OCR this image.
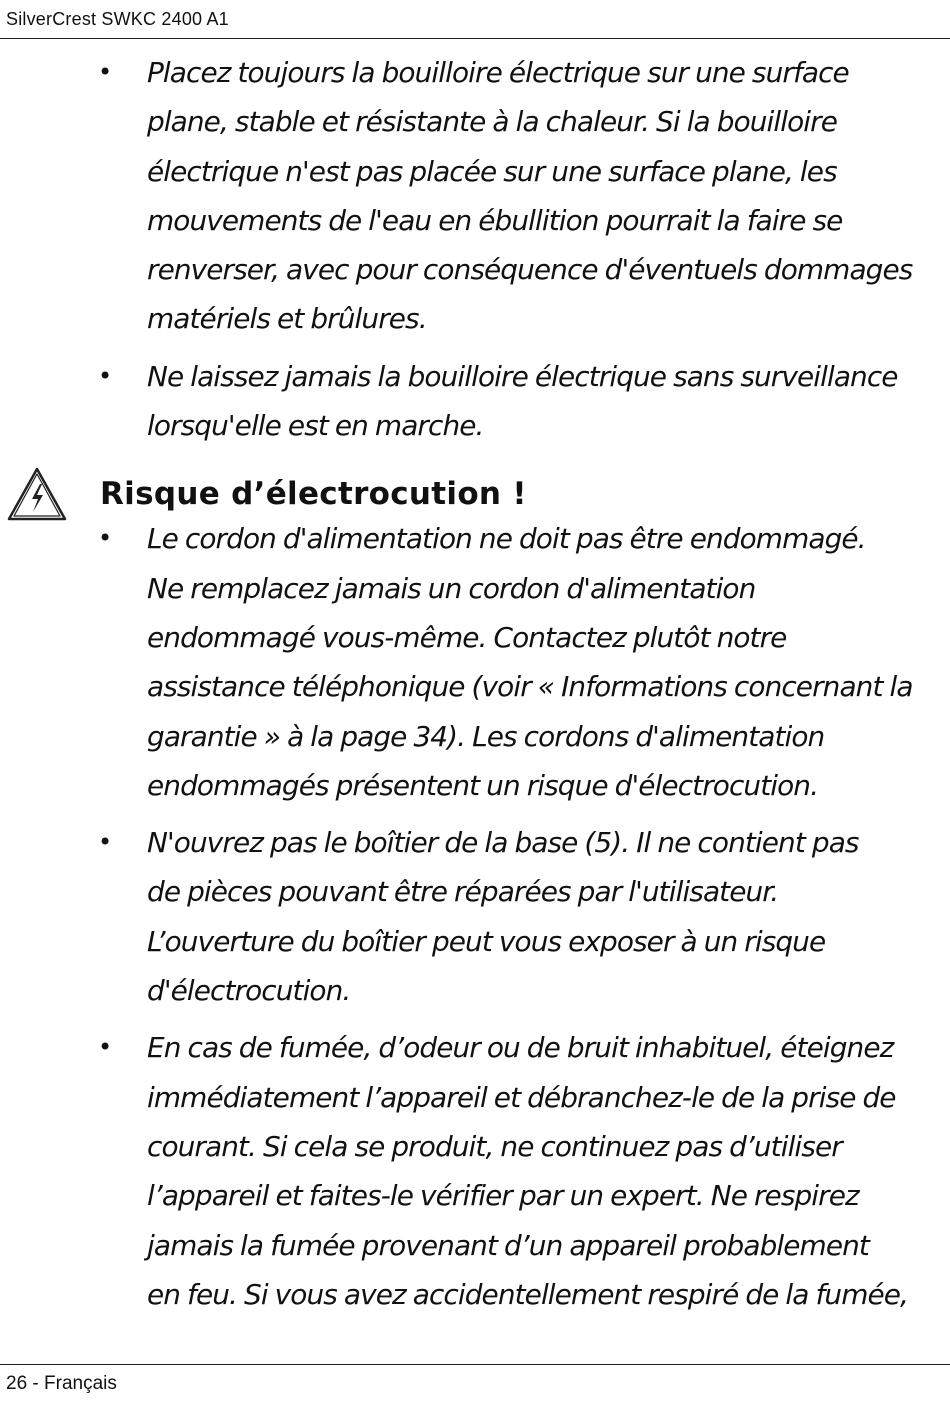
SilverCrest SWKC 2400 A1
• Placez toujours la bouilloire électrique sur une surface
plane, stable et résistante à la chaleur. Si la bouilloire
électrique n'est pas placée sur une surface plane, les
mouvements de l'eau en ébullition pourrait la faire se
renverser, avec pour conséquence d'éventuels dommages
matériels et brûlures.
• Ne laissez jamais la bouilloire électrique sans surveillance
lorsqu'elle est en marche.
Risque d’électrocution !
• Le cordon d'alimentation ne doit pas être endommagé.
Ne remplacez jamais un cordon d'alimentation
endommagé vous-même. Contactez plutôt notre
assistance téléphonique (voir « Informations concernant la
garantie » à la page 34). Les cordons d'alimentation
endommagés présentent un risque d'électrocution.
• N'ouvrez pas le boîtier de la base (5). Il ne contient pas
de pièces pouvant être réparées par l'utilisateur.
L’ouverture du boîtier peut vous exposer à un risque
d'électrocution.
• En cas de fumée, d’odeur ou de bruit inhabituel, éteignez
immédiatement l’appareil et débranchez-le de la prise de
courant. Si cela se produit, ne continuez pas d’utiliser
l’appareil et faites-le vérifier par un expert. Ne respirez
jamais la fumée provenant d’un appareil probablement
en feu. Si vous avez accidentellement respiré de la fumée,
26 - Français
